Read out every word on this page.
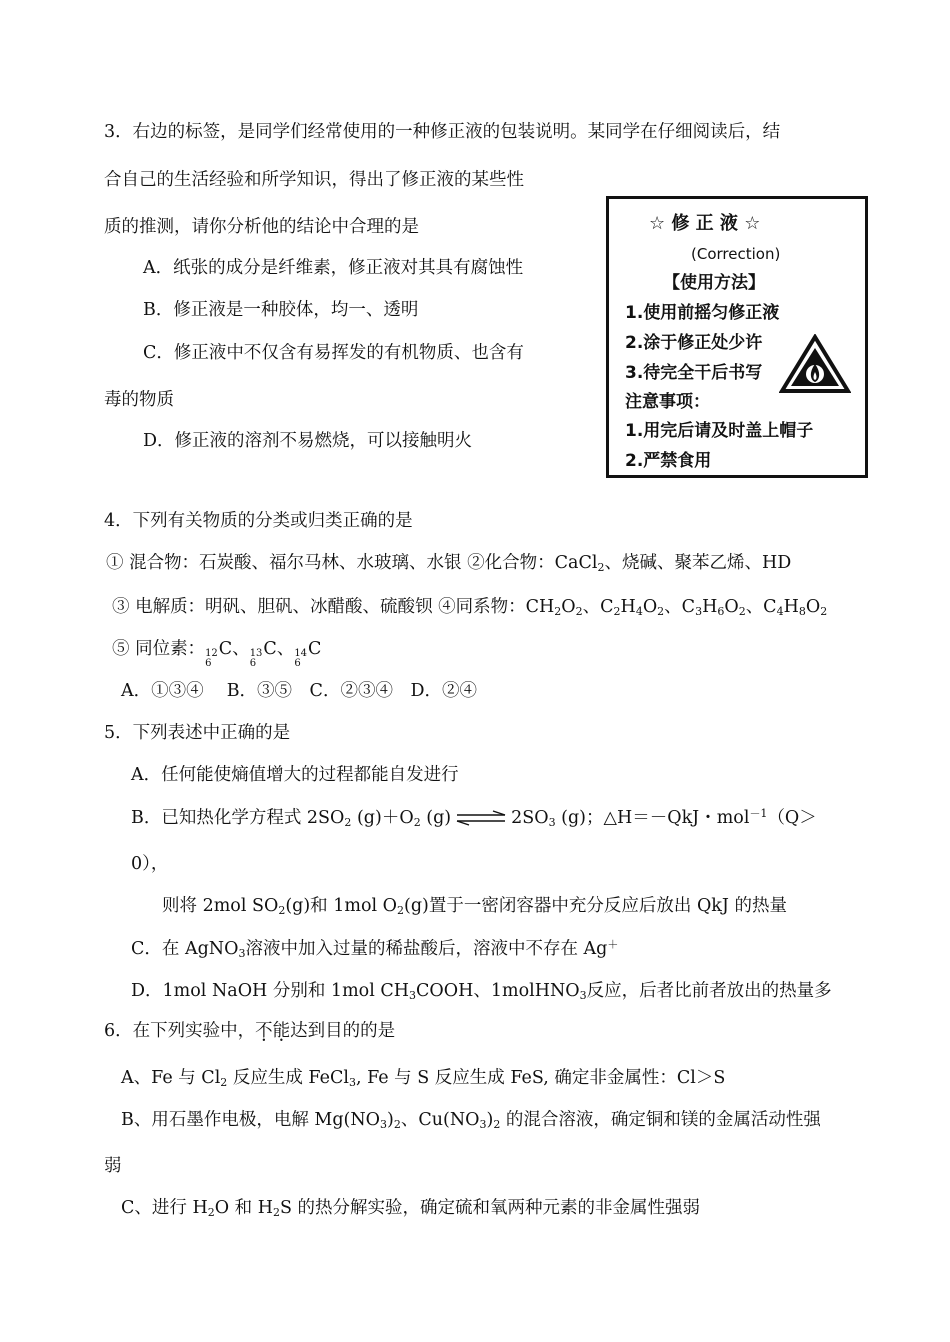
3．右边的标签，是同学们经常使用的一种修正液的包装说明。某同学在仔细阅读后，结
合自己的生活经验和所学知识，得出了修正液的某些性
质的推测，请你分析他的结论中合理的是
A．纸张的成分是纤维素，修正液对其具有腐蚀性
B．修正液是一种胶体，均一、透明
C．修正液中不仅含有易挥发的有机物质、也含有
毒的物质
D．修正液的溶剂不易燃烧，可以接触明火
☆ 修 正 液 ☆
(Correction)
【使用方法】
1.使用前摇匀修正液
2.涂于修正处少许
3.待完全干后书写
注意事项：
1.用完后请及时盖上帽子
2.严禁食用
4．下列有关物质的分类或归类正确的是
① 混合物：石炭酸、福尔马林、水玻璃、水银 ②化合物：CaCl$_2$、烧碱、聚苯乙烯、HD
③ 电解质：明矾、胆矾、冰醋酸、硫酸钡 ④同系物：$CH_2O_2$、$C_2H_4O_2$、$C_3H_6O_2$、$C_4H_8O_2$
⑤ 同位素： 12
6
C、 13
6
C、 14
6
C
A．①③④　 B．③⑤　C．②③④　D．②④
5．下列表述中正确的是
A．任何能使熵值增大的过程都能自发进行
B．已知热化学方程式 $2SO_2$ $(g)+O_2$ (g) ⇌ $2SO_3$ (g)；△H＝－QkJ・mol$^{-1}$（Q＞
0），
则将 2mol $SO_2(g)$和 1mol $O_2(g)$置于一密闭容器中充分反应后放出 QkJ 的热量
C．在 AgNO$_3$溶液中加入过量的稀盐酸后，溶液中不存在 Ag＋
D．1mol NaOH 分别和 1mol $CH_3COOH$、1molHNO$_3$反应，后者比前者放出的热量多
6．在下列实验中，不能达到目的的是
A、Fe 与 $Cl_2$ 反应生成 FeCl$_3$, Fe 与 S 反应生成 FeS, 确定非金属性：Cl＞S
B、用石墨作电极，电解 $Mg(NO_3)_2$、$Cu(NO_3)_2$ 的混合溶液，确定铜和镁的金属活动性强
弱
C、进行 $H_2O$ 和 $H_2S$ 的热分解实验，确定硫和氧两种元素的非金属性强弱
